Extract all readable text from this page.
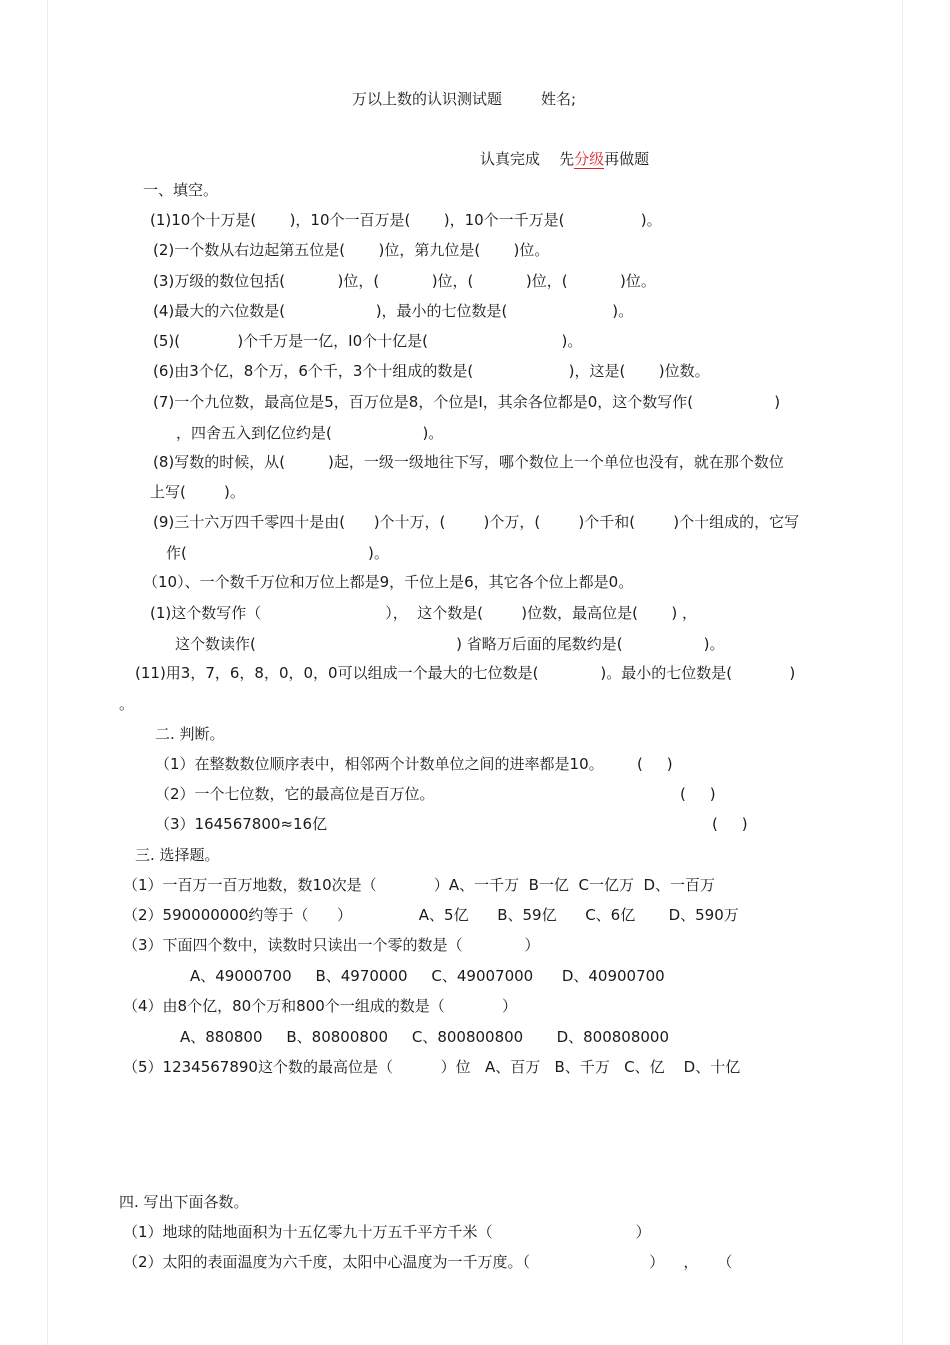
万以上数的认识测试题	姓名;
认真完成    先分级再做题
一、填空。
(1)10个十万是(       )，10个一百万是(       )，10个一千万是(                )。
(2)一个数从右边起第五位是(       )位，第九位是(       )位。
(3)万级的数位包括(           )位，(           )位，(           )位，(           )位。
(4)最大的六位数是(                   )，最小的七位数是(                      )。
(5)(            )个千万是一亿，I0个十亿是(                            )。
(6)由3个亿，8个万，6个千，3个十组成的数是(                    )，这是(       )位数。
(7)一个九位数，最高位是5，百万位是8，个位是I，其余各位都是0，这个数写作(                 )
，四舍五入到亿位约是(                   )。
(8)写数的时候，从(         )起，一级一级地往下写，哪个数位上一个单位也没有，就在那个数位
上写(        )。
(9)三十六万四千零四十是由(      )个十万，(        )个万，(        )个千和(        )个十组成的，它写
作(                                      )。
（10）、一个数千万位和万位上都是9，千位上是6，其它各个位上都是0。
(1)这个数写作（                          ），  这个数是(        )位数，最高位是(       ) ，
这个数读作(                                          ) 省略万后面的尾数约是(                 )。
(11)用3，7，6，8，0，0，0可以组成一个最大的七位数是(             )。最小的七位数是(            )
。
二. 判断。
（1）在整数数位顺序表中，相邻两个计数单位之间的进率都是10。       (     )
（2）一个七位数，它的最高位是百万位。	(     )
（3）164567800≈16亿	(     )
三. 选择题。
（1）一百万一百万地数，数10次是（            ）A、一千万  B一亿  C一亿万  D、一百万
（2）590000000约等于（      ）              A、5亿      B、59亿      C、6亿       D、590万
（3）下面四个数中，读数时只读出一个零的数是（             ）
A、49000700     B、4970000     C、49007000      D、40900700
（4）由8个亿，80个万和800个一组成的数是（            ）
A、880800     B、80800800     C、800800800       D、800808000
（5）1234567890这个数的最高位是（          ）位   A、百万   B、千万   C、亿    D、十亿
四. 写出下面各数。
（1）地球的陆地面积为十五亿零九十万五千平方千米（                              ）
（2）太阳的表面温度为六千度，太阳中心温度为一千万度。（                         ）    ，    （
